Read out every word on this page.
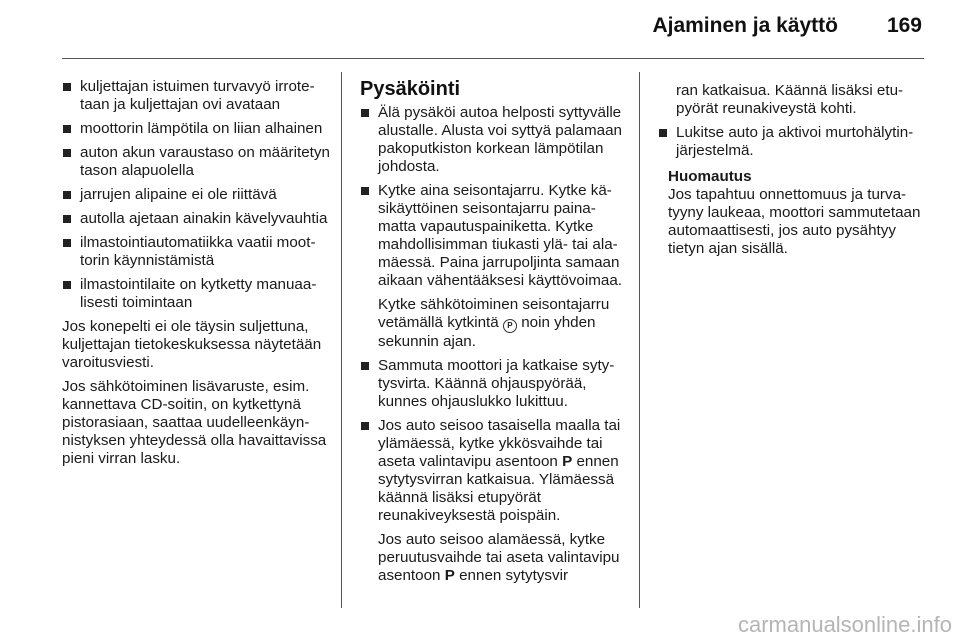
Ajaminen ja käyttö 169
kuljettajan istuimen turvavyö irrotetaan ja kuljettajan ovi avataan
moottorin lämpötila on liian alhainen
auton akun varaustaso on määritetyn tason alapuolella
jarrujen alipaine ei ole riittävä
autolla ajetaan ainakin kävelyvauhtia
ilmastointiautomatiikka vaatii moottorin käynnistämistä
ilmastointilaite on kytketty manuaalisesti toimintaan

Jos konepelti ei ole täysin suljettuna, kuljettajan tietokeskuksessa näytetään varoitusviesti.

Jos sähkötoiminen lisävaruste, esim. kannettava CD-soitin, on kytkettynä pistorasiaan, saattaa uudelleenkäynnistyksen yhteydessä olla havaittavissa pieni virran lasku.

Pysäköinti
Älä pysäköi autoa helposti syttyvälle alustalle. Alusta voi syttyä palamaan pakoputkiston korkean lämpötilan johdosta.
Kytke aina seisontajarru. Kytke käsikäyttöinen seisontajarru painamatta vapautuspainiketta. Kytke mahdollisimman tiukasti ylä- tai alamäessä. Paina jarrupoljinta samaan aikaan vähentääksesi käyttövoimaa.

Kytke sähkötoiminen seisontajarru vetämällä kytkintä P noin yhden sekunnin ajan.

Sammuta moottori ja katkaise sytytysvirta. Käännä ohjauspyörää, kunnes ohjauslukko lukittuu.
Jos auto seisoo tasaisella maalla tai ylämäessä, kytke ykkösvaihde tai aseta valintavipu asentoon P ennen sytytysvirran katkaisua. Ylämäessä käännä lisäksi etupyörät reunakiveyksestä poispäin.

Jos auto seisoo alamäessä, kytke peruutusvaihde tai aseta valintavipu asentoon P ennen sytytysvir

ran katkaisua. Käännä lisäksi etupyörät reunakiveystä kohti.

Lukitse auto ja aktivoi murtohälytinjärjestelmä.
Huomautus

Jos tapahtuu onnettomuus ja turvatyyny laukeaa, moottori sammutetaan automaattisesti, jos auto pysähtyy tietyn ajan sisällä.

carmanualsonline.info
